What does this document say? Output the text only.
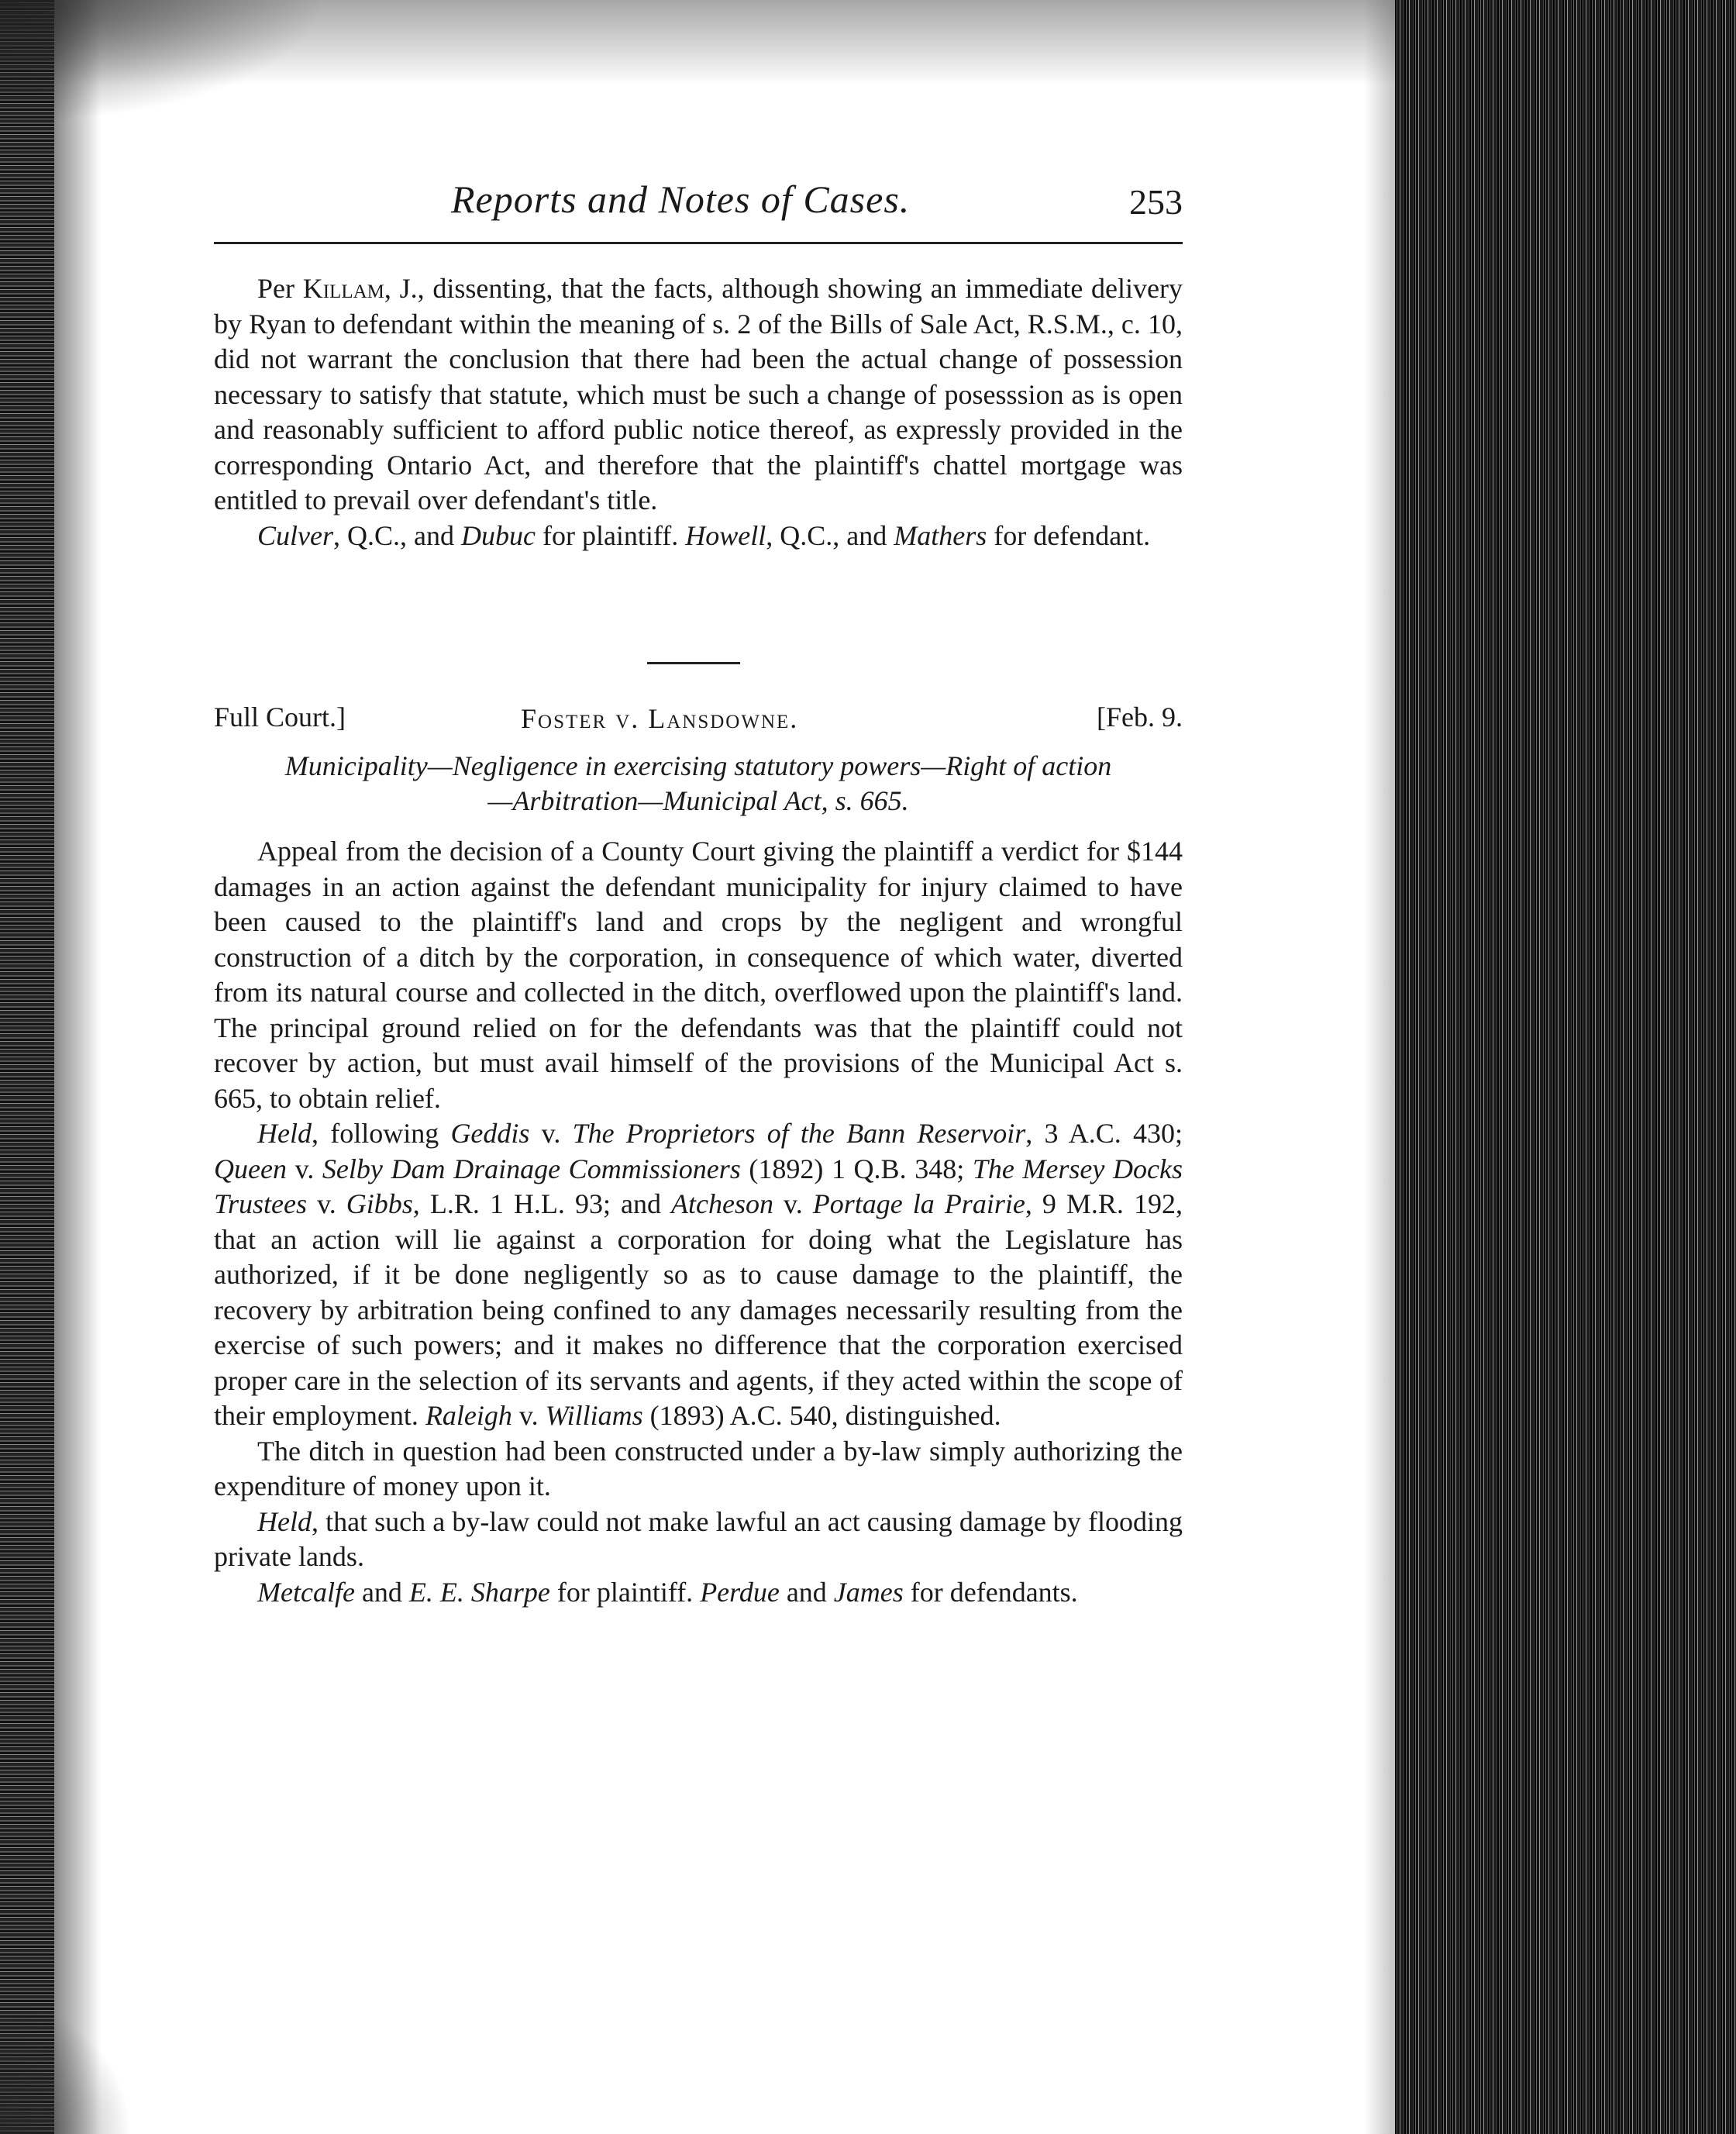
Reports and Notes of Cases.	253

Per Killam, J., dissenting, that the facts, although showing an immediate delivery by Ryan to defendant within the meaning of s. 2 of the Bills of Sale Act, R.S.M., c. 10, did not warrant the conclusion that there had been the actual change of possession necessary to satisfy that statute, which must be such a change of posesssion as is open and reasonably sufficient to afford public notice thereof, as expressly provided in the corresponding Ontario Act, and therefore that the plaintiff's chattel mortgage was entitled to prevail over defendant's title.

Culver, Q.C., and Dubuc for plaintiff. Howell, Q.C., and Mathers for defendant.

Full Court.]	Foster v. Lansdowne.	[Feb. 9.
Municipality—Negligence in exercising statutory powers—Right of action
—Arbitration—Municipal Act, s. 665.

Appeal from the decision of a County Court giving the plaintiff a verdict for $144 damages in an action against the defendant municipality for injury claimed to have been caused to the plaintiff's land and crops by the negligent and wrongful construction of a ditch by the corporation, in consequence of which water, diverted from its natural course and collected in the ditch, overflowed upon the plaintiff's land. The principal ground relied on for the defendants was that the plaintiff could not recover by action, but must avail himself of the provisions of the Municipal Act s. 665, to obtain relief.

Held, following Geddis v. The Proprietors of the Bann Reservoir, 3 A.C. 430; Queen v. Selby Dam Drainage Commissioners (1892) 1 Q.B. 348; The Mersey Docks Trustees v. Gibbs, L.R. 1 H.L. 93; and Atcheson v. Portage la Prairie, 9 M.R. 192, that an action will lie against a corporation for doing what the Legislature has authorized, if it be done negligently so as to cause damage to the plaintiff, the recovery by arbitration being confined to any damages necessarily resulting from the exercise of such powers; and it makes no difference that the corporation exercised proper care in the selection of its servants and agents, if they acted within the scope of their employment. Raleigh v. Williams (1893) A.C. 540, distinguished.

The ditch in question had been constructed under a by-law simply authorizing the expenditure of money upon it.

Held, that such a by-law could not make lawful an act causing damage by flooding private lands.

Metcalfe and E. E. Sharpe for plaintiff. Perdue and James for defendants.
